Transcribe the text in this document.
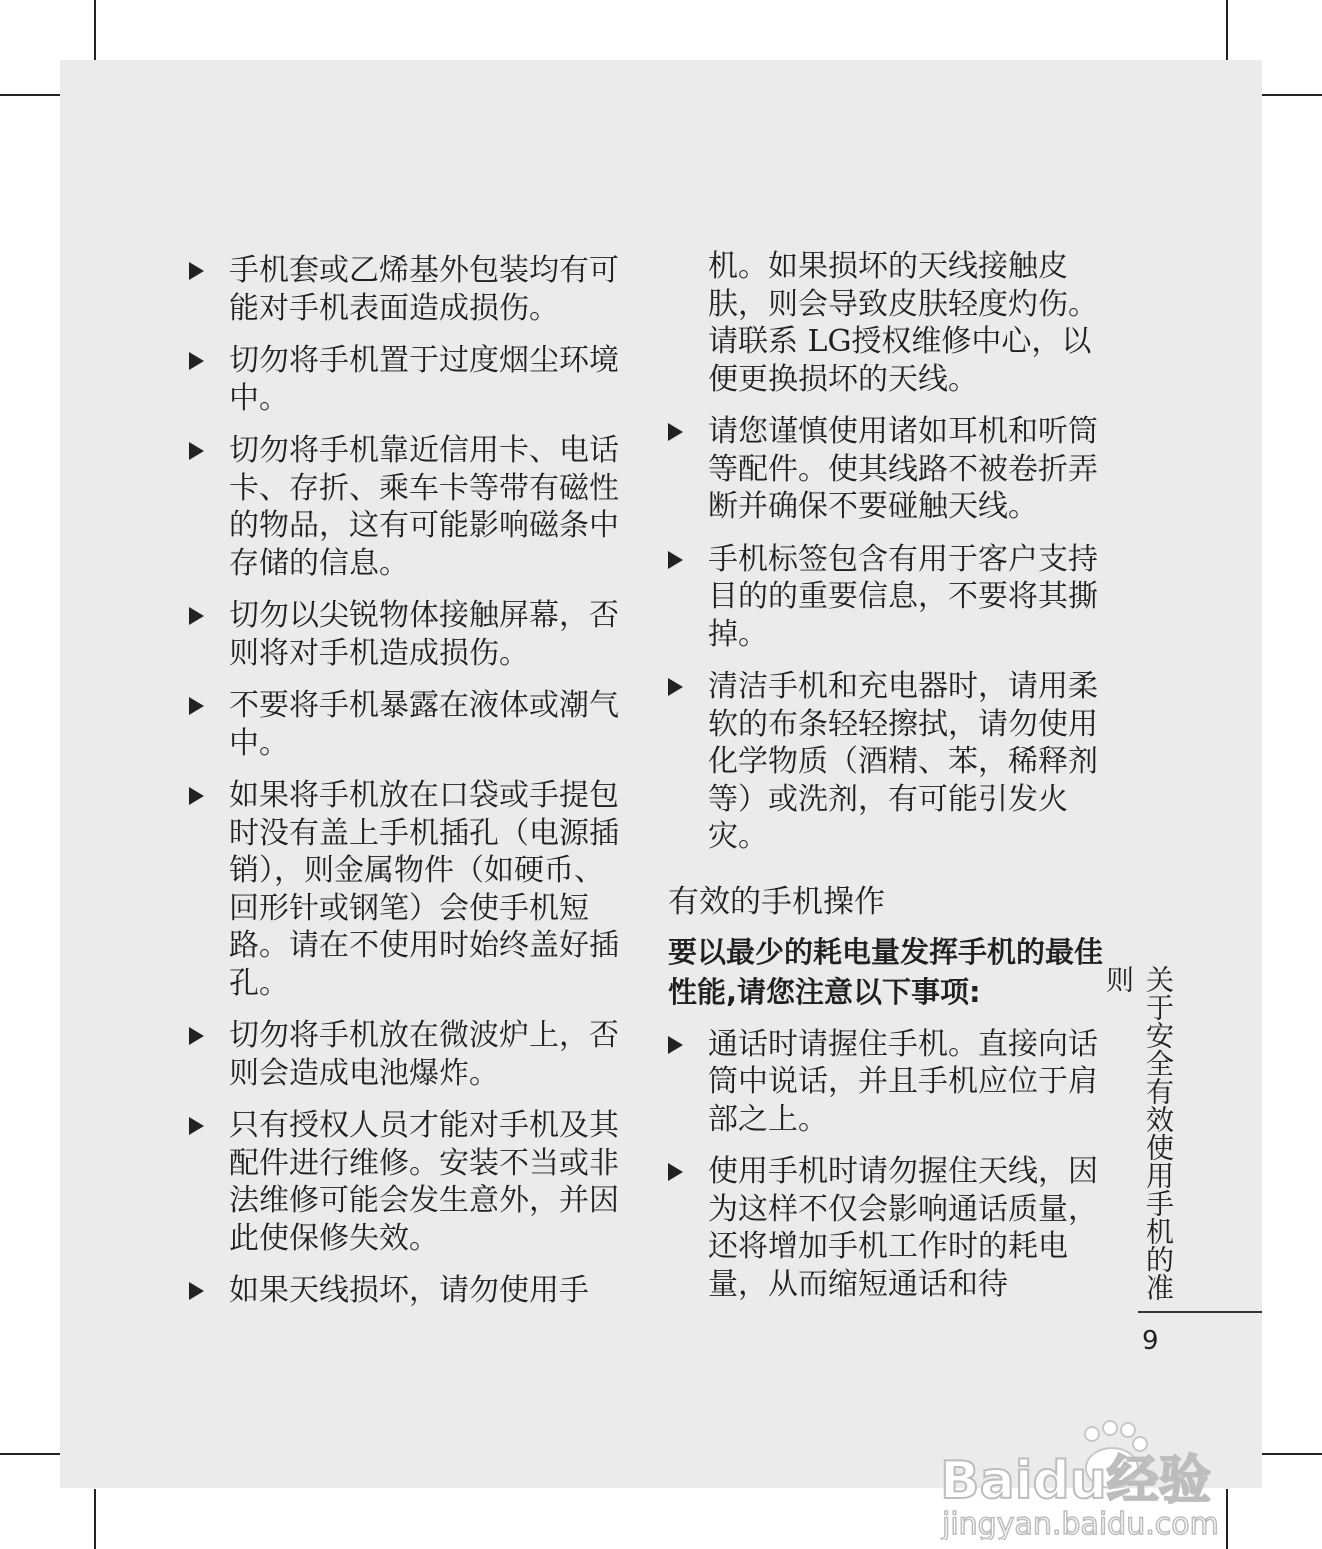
手机套或乙烯基外包装均有可能对手机表面造成损伤。
切勿将手机置于过度烟尘环境中。
切勿将手机靠近信用卡、电话卡、存折、乘车卡等带有磁性的物品，这有可能影响磁条中存储的信息。
切勿以尖锐物体接触屏幕，否则将对手机造成损伤。
不要将手机暴露在液体或潮气中。
如果将手机放在口袋或手提包时没有盖上手机插孔（电源插销），则金属物件（如硬币、回形针或钢笔）会使手机短路。请在不使用时始终盖好插孔。
切勿将手机放在微波炉上，否则会造成电池爆炸。
只有授权人员才能对手机及其配件进行维修。安装不当或非法维修可能会发生意外，并因此使保修失效。
如果天线损坏，请勿使用手
机。如果损坏的天线接触皮肤，则会导致皮肤轻度灼伤。请联系 LG授权维修中心，以便更换损坏的天线。
请您谨慎使用诸如耳机和听筒等配件。使其线路不被卷折弄断并确保不要碰触天线。
手机标签包含有用于客户支持目的的重要信息，不要将其撕掉。
清洁手机和充电器时，请用柔软的布条轻轻擦拭，请勿使用化学物质（酒精、苯，稀释剂等）或洗剂，有可能引发火灾。
有效的手机操作
要以最少的耗电量发挥手机的最佳性能,请您注意以下事项:
通话时请握住手机。直接向话筒中说话，并且手机应位于肩部之上。
使用手机时请勿握住天线，因为这样不仅会影响通话质量，还将增加手机工作时的耗电量，从而缩短通话和待	关于安全有效使用手机的准则
9
Baidu经验
jingyan.baidu.com
